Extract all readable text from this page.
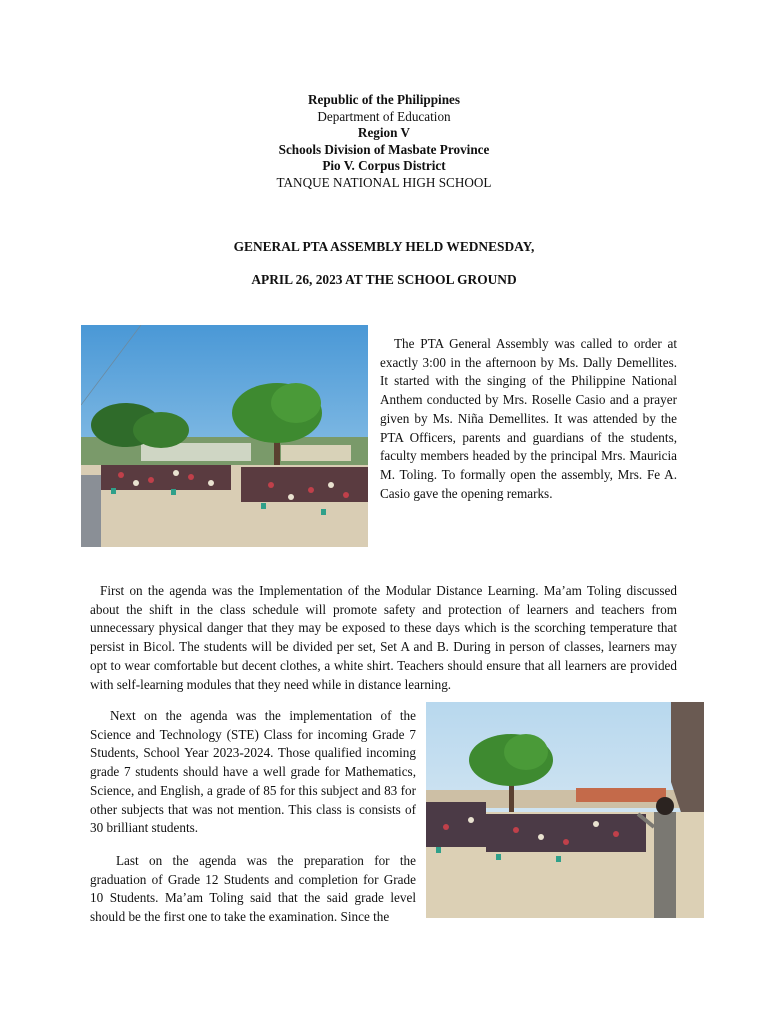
Republic of the Philippines
Department of Education
Region V
Schools Division of Masbate Province
Pio V. Corpus District
TANQUE NATIONAL HIGH SCHOOL
GENERAL PTA ASSEMBLY HELD WEDNESDAY,
APRIL 26, 2023 AT THE SCHOOL GROUND

The PTA General Assembly was called to order at exactly 3:00 in the afternoon by Ms. Dally Demellites. It started with the singing of the Philippine National Anthem conducted by Mrs. Roselle Casio and a prayer given by Ms. Niña Demellites. It was attended by the PTA Officers, parents and guardians of the students, faculty members headed by the principal Mrs. Mauricia M. Toling. To formally open the assembly, Mrs. Fe A. Casio gave the opening remarks.

First on the agenda was the Implementation of the Modular Distance Learning. Ma’am Toling discussed about the shift in the class schedule will promote safety and protection of learners and teachers from unnecessary physical danger that they may be exposed to these days which is the scorching temperature that persist in Bicol. The students will be divided per set, Set A and B. During in person of classes, learners may opt to wear comfortable but decent clothes, a white shirt. Teachers should ensure that all learners are provided with self-learning modules that they need while in distance learning.

Next on the agenda was the implementation of the Science and Technology (STE) Class for incoming Grade 7 Students, School Year 2023-2024. Those qualified incoming grade 7 students should have a well grade for Mathematics, Science, and English, a grade of 85 for this subject and 83 for other subjects that was not mention. This class is consists of 30 brilliant students.

Last on the agenda was the preparation for the graduation of Grade 12 Students and completion for Grade 10 Students. Ma’am Toling said that the said grade level should be the first one to take the examination. Since the
